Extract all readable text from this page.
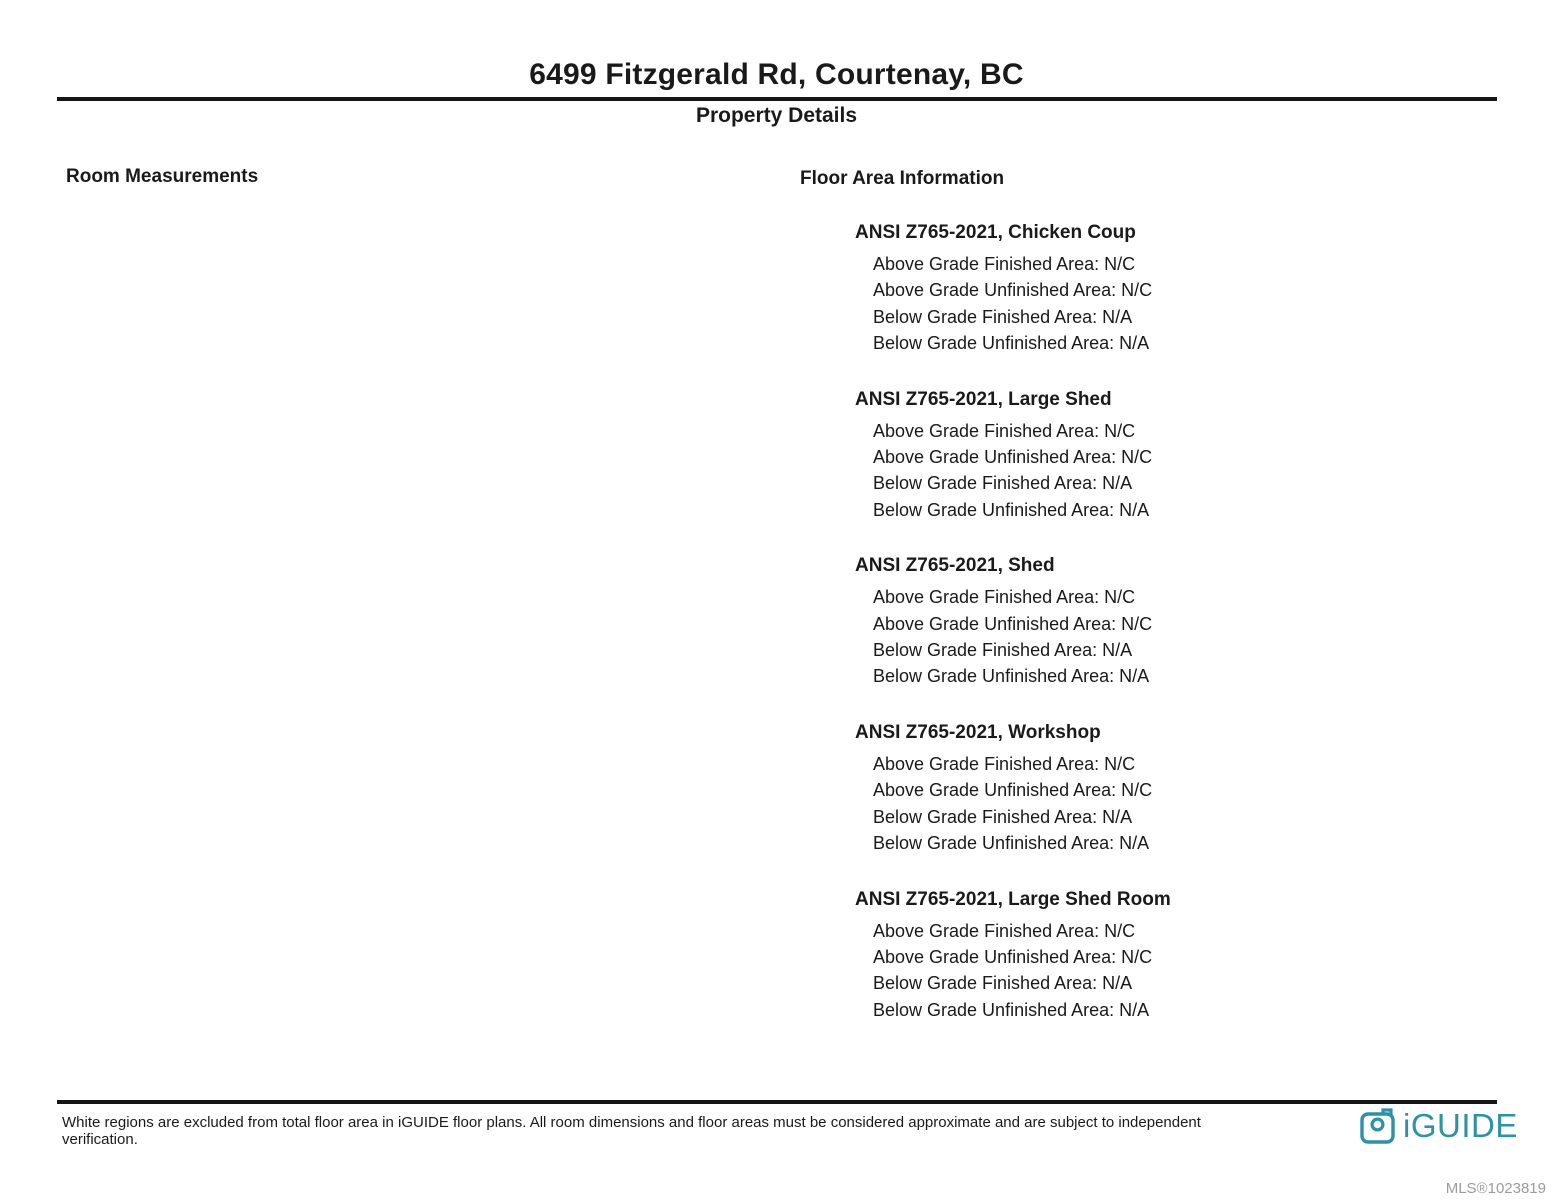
6499 Fitzgerald Rd, Courtenay, BC
Property Details
Room Measurements	Floor Area Information
ANSI Z765-2021, Chicken Coup
Above Grade Finished Area: N/C
Above Grade Unfinished Area: N/C
Below Grade Finished Area: N/A
Below Grade Unfinished Area: N/A
ANSI Z765-2021, Large Shed
Above Grade Finished Area: N/C
Above Grade Unfinished Area: N/C
Below Grade Finished Area: N/A
Below Grade Unfinished Area: N/A
ANSI Z765-2021, Shed
Above Grade Finished Area: N/C
Above Grade Unfinished Area: N/C
Below Grade Finished Area: N/A
Below Grade Unfinished Area: N/A
ANSI Z765-2021, Workshop
Above Grade Finished Area: N/C
Above Grade Unfinished Area: N/C
Below Grade Finished Area: N/A
Below Grade Unfinished Area: N/A
ANSI Z765-2021, Large Shed Room
Above Grade Finished Area: N/C
Above Grade Unfinished Area: N/C
Below Grade Finished Area: N/A
Below Grade Unfinished Area: N/A
White regions are excluded from total floor area in iGUIDE floor plans. All room dimensions and floor areas must be considered approximate and are subject to independent verification.	iGUIDE
MLS®1023819
